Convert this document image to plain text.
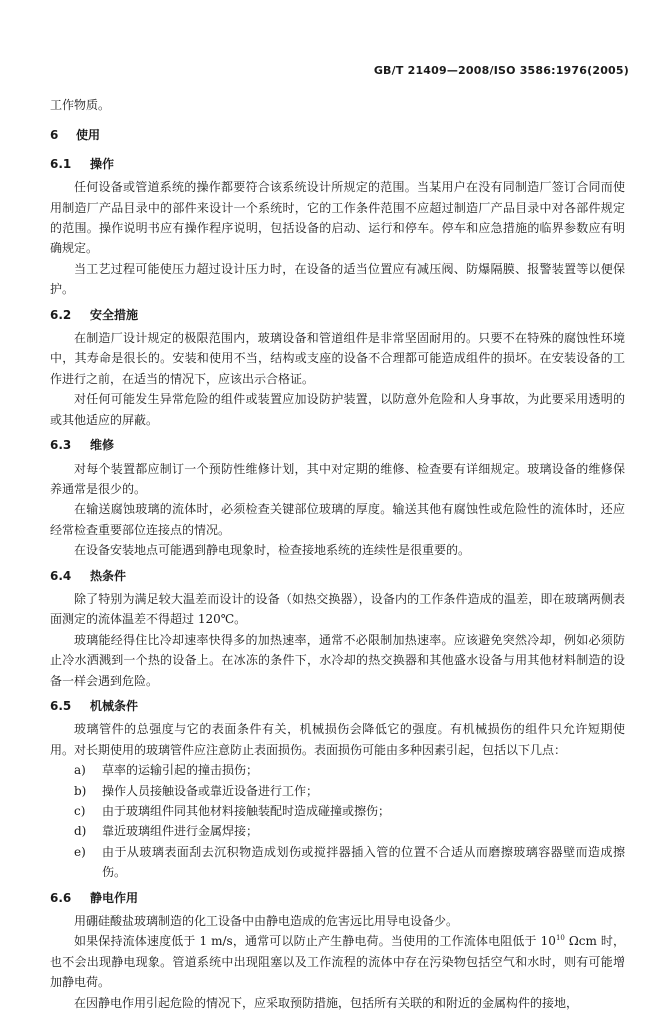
GB/T 21409—2008/ISO 3586:1976(2005)

工作物质。

6 使用
6.1 操作

任何设备或管道系统的操作都要符合该系统设计所规定的范围。当某用户在没有同制造厂签订合同而使用制造厂产品目录中的部件来设计一个系统时，它的工作条件范围不应超过制造厂产品目录中对各部件规定的范围。操作说明书应有操作程序说明，包括设备的启动、运行和停车。停车和应急措施的临界参数应有明确规定。

当工艺过程可能使压力超过设计压力时，在设备的适当位置应有减压阀、防爆隔膜、报警装置等以便保护。

6.2 安全措施

在制造厂设计规定的极限范围内，玻璃设备和管道组件是非常坚固耐用的。只要不在特殊的腐蚀性环境中，其寿命是很长的。安装和使用不当，结构或支座的设备不合理都可能造成组件的损坏。在安装设备的工作进行之前，在适当的情况下，应该出示合格证。

对任何可能发生异常危险的组件或装置应加设防护装置，以防意外危险和人身事故，为此要采用透明的或其他适应的屏蔽。

6.3 维修

对每个装置都应制订一个预防性维修计划，其中对定期的维修、检查要有详细规定。玻璃设备的维修保养通常是很少的。

在输送腐蚀玻璃的流体时，必须检查关键部位玻璃的厚度。输送其他有腐蚀性或危险性的流体时，还应经常检查重要部位连接点的情况。

在设备安装地点可能遇到静电现象时，检查接地系统的连续性是很重要的。

6.4 热条件

除了特别为满足较大温差而设计的设备（如热交换器），设备内的工作条件造成的温差，即在玻璃两侧表面测定的流体温差不得超过 120℃。

玻璃能经得住比冷却速率快得多的加热速率，通常不必限制加热速率。应该避免突然冷却，例如必须防止冷水洒溅到一个热的设备上。在冰冻的条件下，水冷却的热交换器和其他盛水设备与用其他材料制造的设备一样会遇到危险。

6.5 机械条件

玻璃管件的总强度与它的表面条件有关，机械损伤会降低它的强度。有机械损伤的组件只允许短期使用。对长期使用的玻璃管件应注意防止表面损伤。表面损伤可能由多种因素引起，包括以下几点：

a) 草率的运输引起的撞击损伤；

b) 操作人员接触设备或靠近设备进行工作；

c) 由于玻璃组件同其他材料接触装配时造成碰撞或擦伤；

d) 靠近玻璃组件进行金属焊接；

e) 由于从玻璃表面刮去沉积物造成划伤或搅拌器插入管的位置不合适从而磨擦玻璃容器壁而造成擦伤。

6.6 静电作用

用硼硅酸盐玻璃制造的化工设备中由静电造成的危害远比用导电设备少。

如果保持流体速度低于 1 m/s，通常可以防止产生静电荷。当使用的工作流体电阻低于 $10^{10}$ Ωcm 时，也不会出现静电现象。管道系统中出现阻塞以及工作流程的流体中存在污染物包括空气和水时，则有可能增加静电荷。

在因静电作用引起危险的情况下，应采取预防措施，包括所有关联的和附近的金属构件的接地，
